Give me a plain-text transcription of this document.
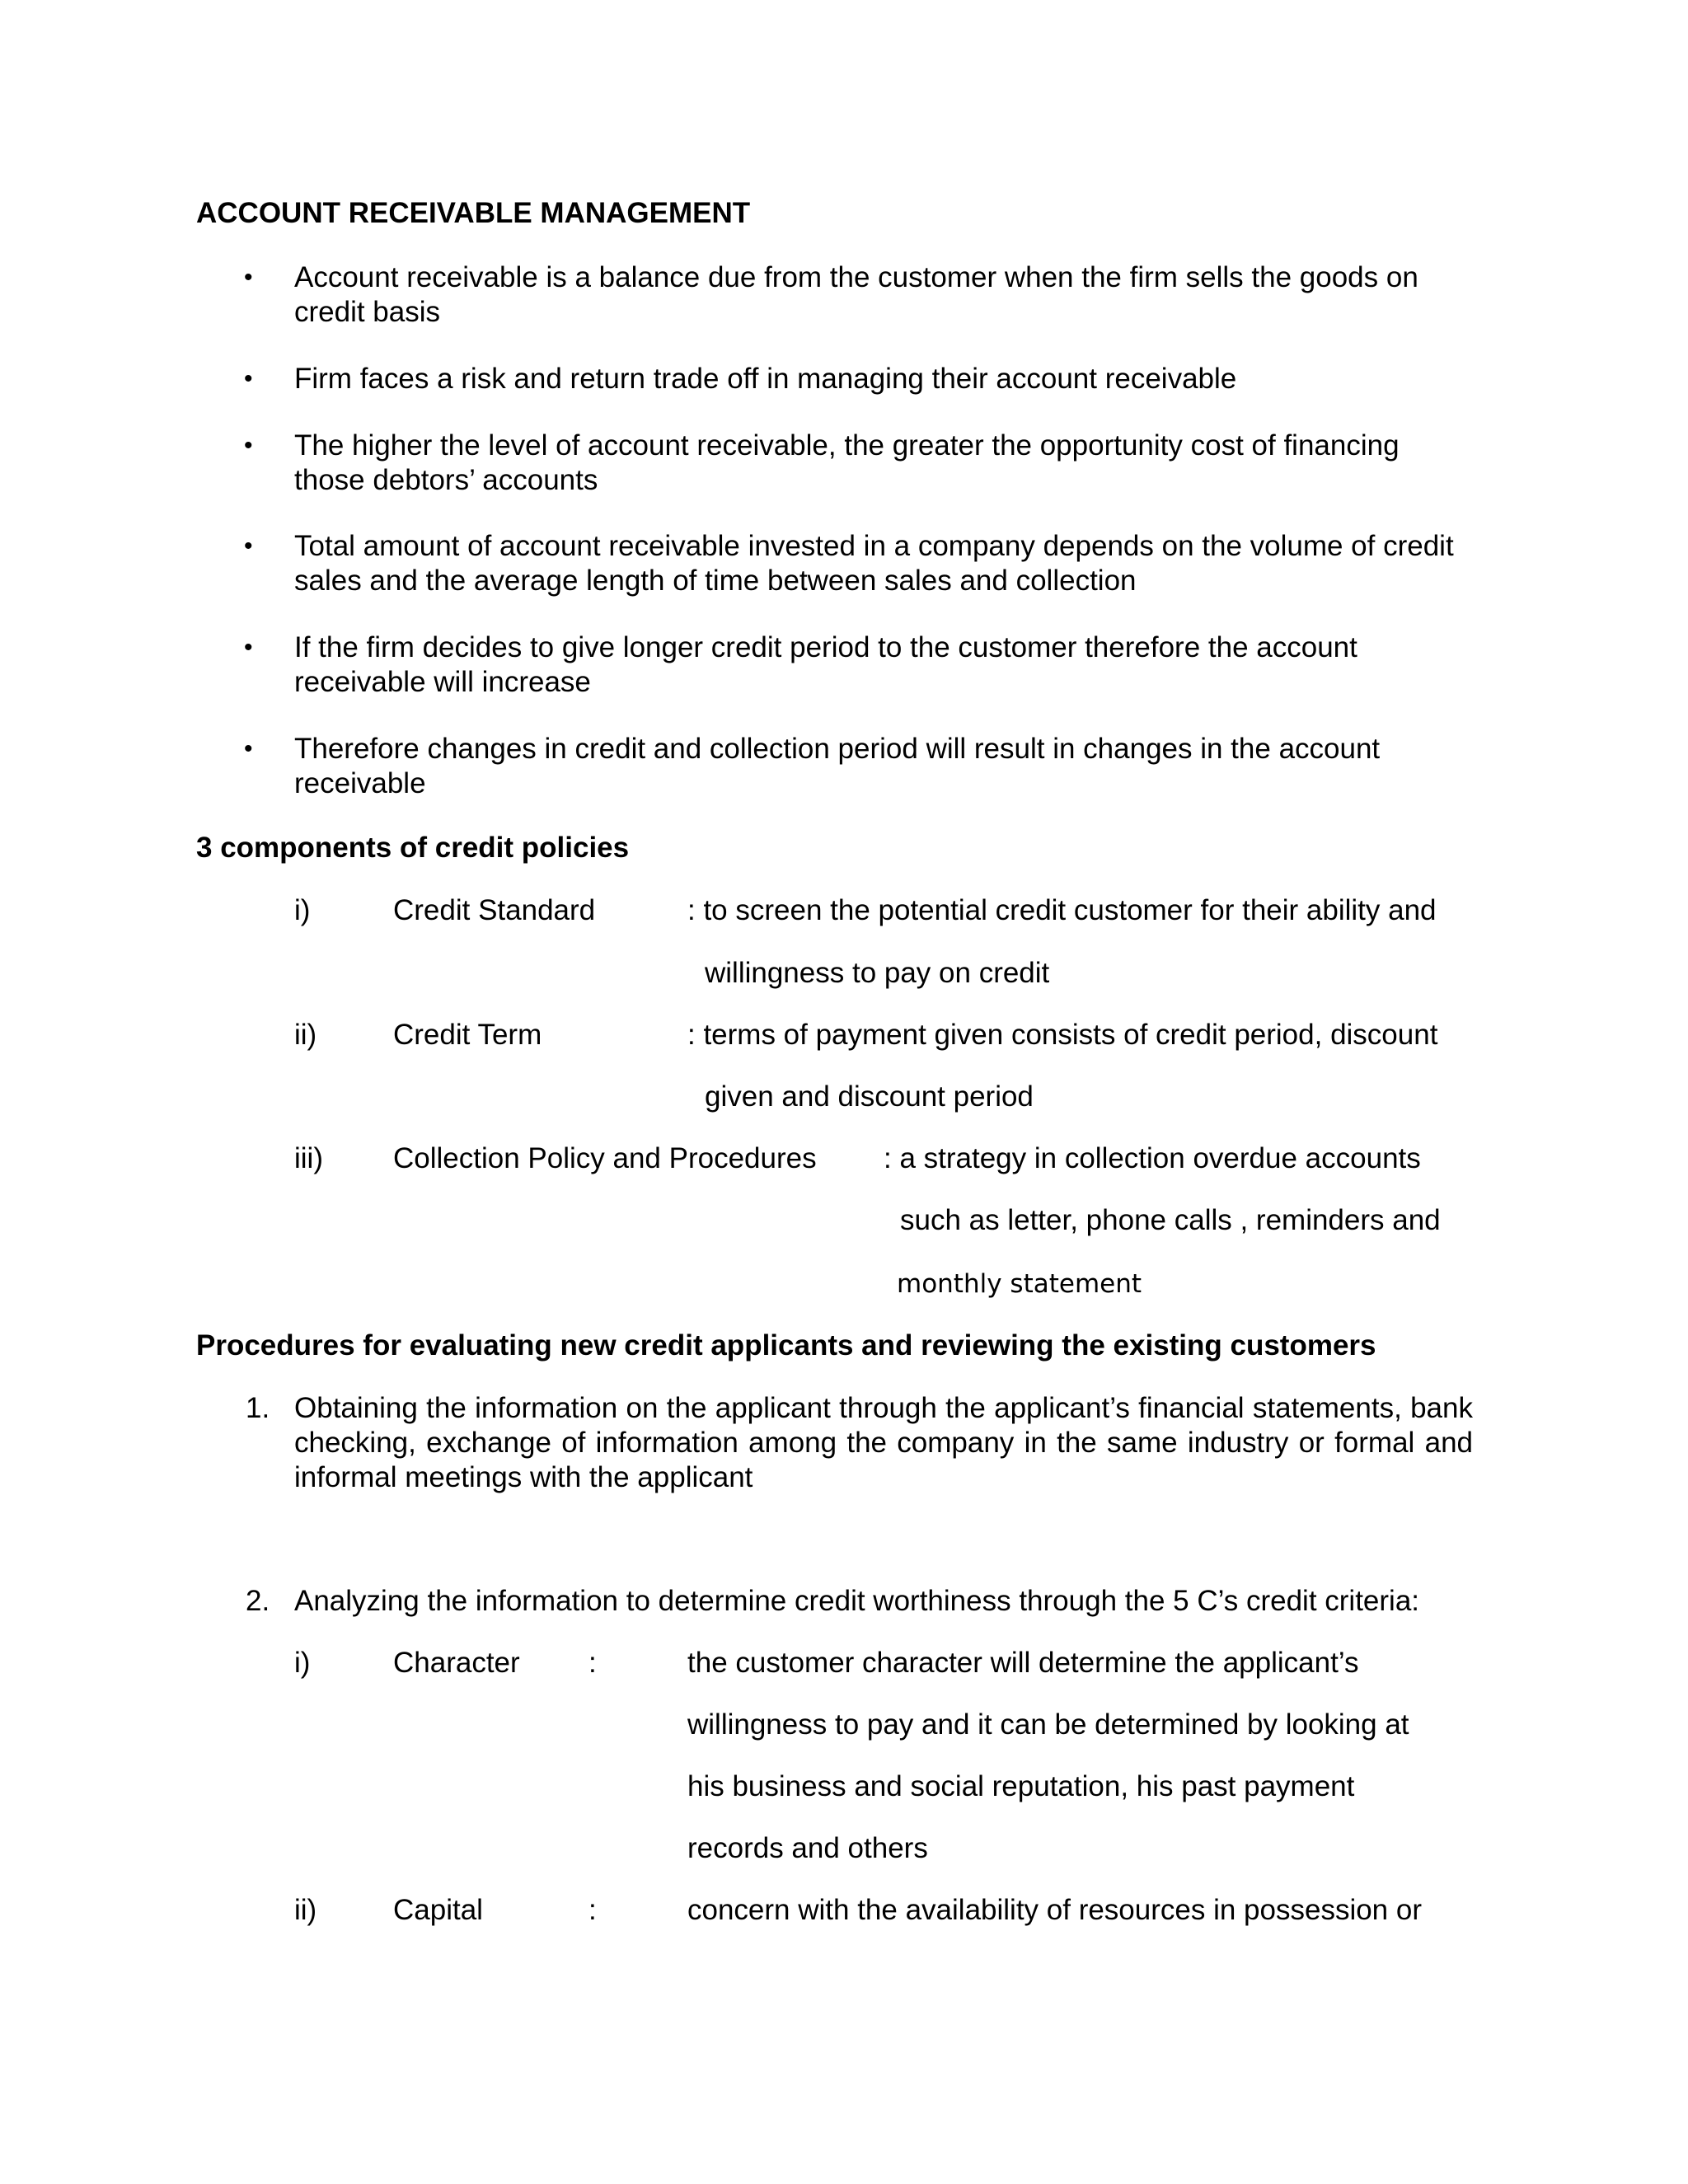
ACCOUNT RECEIVABLE MANAGEMENT
• Account receivable is a balance due from the customer when the firm sells the goods on credit basis
• Firm faces a risk and return trade off in managing their account receivable
• The higher the level of account receivable, the greater the opportunity cost of financing those debtors’ accounts
• Total amount of account receivable invested in a company depends on the volume of credit sales and the average length of time between sales and collection
• If the firm decides to give longer credit period to the customer therefore the account receivable will increase
• Therefore changes in credit and collection period will result in changes in the account receivable
3 components of credit policies
i)	Credit Standard	: to screen the potential credit customer for their ability and
willingness to pay on credit
ii)	Credit Term	: terms of payment given consists of credit period, discount
given and discount period
iii) Collection Policy and Procedures : a strategy in collection overdue accounts
such as letter, phone calls , reminders and
monthly statement
Procedures for evaluating new credit applicants and reviewing the existing customers
1. Obtaining the information on the applicant through the applicant’s financial statements, bank checking, exchange of information among the company in the same industry or formal and informal meetings with the applicant
2. Analyzing the information to determine credit worthiness through the 5 C’s credit criteria:
i)	Character :	the customer character will determine the applicant’s
willingness to pay and it can be determined by looking at
his business and social reputation, his past payment
records and others
ii)	Capital	:	concern with the availability of resources in possession or
